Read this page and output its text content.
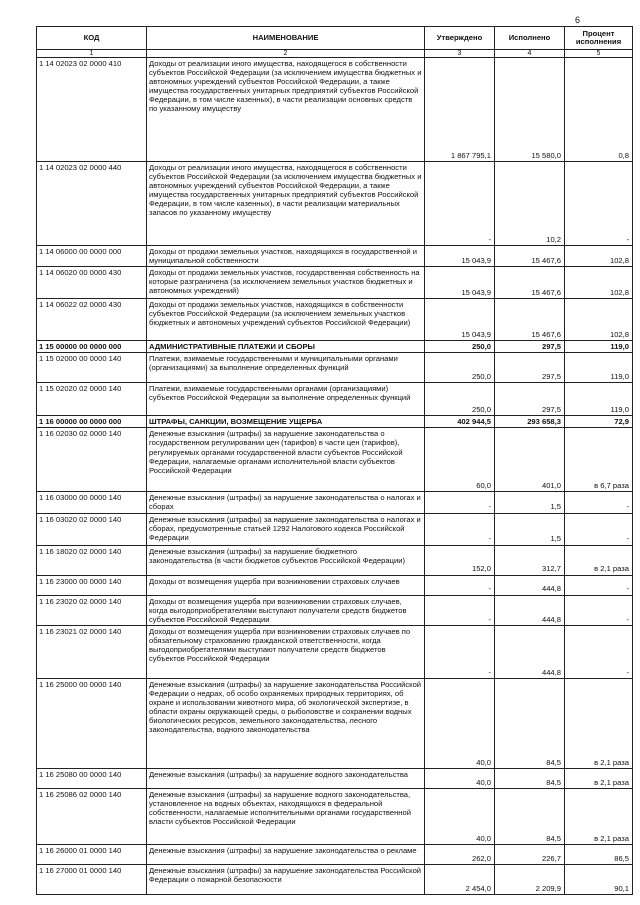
6
КОД	НАИМЕНОВАНИЕ	Утверждено	Исполнено	Процент исполнения
1	2	3	4	5
1 14 02023 02 0000 410	Доходы от реализации иного имущества, находящегося в собственности субъектов Российской Федерации (за исключением имущества бюджетных и автономных учреждений субъектов Российской Федерации, а также имущества государственных унитарных предприятий субъектов Российской Федерации, в том числе казенных), в части реализации основных средств по указанному имуществу	1 867 795,1	15 580,0	0,8
1 14 02023 02 0000 440	Доходы от реализации иного имущества, находящегося в собственности субъектов Российской Федерации (за исключением имущества бюджетных и автономных учреждений субъектов Российской Федерации, а также имущества государственных унитарных предприятий субъектов Российской Федерации, в том числе казенных), в части реализации материальных запасов по указанному имуществу	-	10,2	-
1 14 06000 00 0000 000	Доходы от продажи земельных участков, находящихся в государственной и муниципальной собственности	15 043,9	15 467,6	102,8
1 14 06020 00 0000 430	Доходы от продажи земельных участков, государственная собственность на которые разграничена (за исключением земельных участков бюджетных и автономных учреждений)	15 043,9	15 467,6	102,8
1 14 06022 02 0000 430	Доходы от продажи земельных участков, находящихся в собственности субъектов Российской Федерации (за исключением земельных участков бюджетных и автономных учреждений субъектов Российской Федерации)	15 043,9	15 467,6	102,8
1 15 00000 00 0000 000	АДМИНИСТРАТИВНЫЕ ПЛАТЕЖИ И СБОРЫ	250,0	297,5	119,0
1 15 02000 00 0000 140	Платежи, взимаемые государственными и муниципальными органами (организациями) за выполнение определенных функций	250,0	297,5	119,0
1 15 02020 02 0000 140	Платежи, взимаемые государственными органами (организациями) субъектов Российской Федерации за выполнение определенных функций	250,0	297,5	119,0
1 16 00000 00 0000 000	ШТРАФЫ, САНКЦИИ, ВОЗМЕЩЕНИЕ УЩЕРБА	402 944,5	293 658,3	72,9
1 16 02030 02 0000 140	Денежные взыскания (штрафы) за нарушение законодательства о государственном регулировании цен (тарифов) в части цен (тарифов), регулируемых органами государственной власти субъектов Российской Федерации, налагаемые органами исполнительной власти субъектов Российской Федерации	60,0	401,0	в 6,7 раза
1 16 03000 00 0000 140	Денежные взыскания (штрафы) за нарушение законодательства о налогах и сборах	-	1,5	-
1 16 03020 02 0000 140	Денежные взыскания (штрафы) за нарушение законодательства о налогах и сборах, предусмотренные статьей 1292 Налогового кодекса Российской Федерации	-	1,5	-
1 16 18020 02 0000 140	Денежные взыскания (штрафы) за нарушение бюджетного законодательства (в части бюджетов субъектов Российской Федерации)	152,0	312,7	в 2,1 раза
1 16 23000 00 0000 140	Доходы от возмещения ущерба при возникновении страховых случаев	-	444,8	-
1 16 23020 02 0000 140	Доходы от возмещения ущерба при возникновении страховых случаев, когда выгодоприобретателями выступают получатели средств бюджетов субъектов Российской Федерации	-	444,8	-
1 16 23021 02 0000 140	Доходы от возмещения ущерба при возникновении страховых случаев по обязательному страхованию гражданской ответственности, когда выгодоприобретателями выступают получатели средств бюджетов субъектов Российской Федерации	-	444,8	-
1 16 25000 00 0000 140	Денежные взыскания (штрафы) за нарушение законодательства Российской Федерации о недрах, об особо охраняемых природных территориях, об охране и использовании животного мира, об экологической экспертизе, в области охраны окружающей среды, о рыболовстве и сохранении водных биологических ресурсов, земельного законодательства, лесного законодательства, водного законодательства	40,0	84,5	в 2,1 раза
1 16 25080 00 0000 140	Денежные взыскания (штрафы) за нарушение водного законодательства	40,0	84,5	в 2,1 раза
1 16 25086 02 0000 140	Денежные взыскания (штрафы) за нарушение водного законодательства, установленное на водных объектах, находящихся в федеральной собственности, налагаемые исполнительными органами государственной власти субъектов Российской Федерации	40,0	84,5	в 2,1 раза
1 16 26000 01 0000 140	Денежные взыскания (штрафы) за нарушение законодательства о рекламе	262,0	226,7	86,5
1 16 27000 01 0000 140	Денежные взыскания (штрафы) за нарушение законодательства Российской Федерации о пожарной безопасности	2 454,0	2 209,9	90,1
